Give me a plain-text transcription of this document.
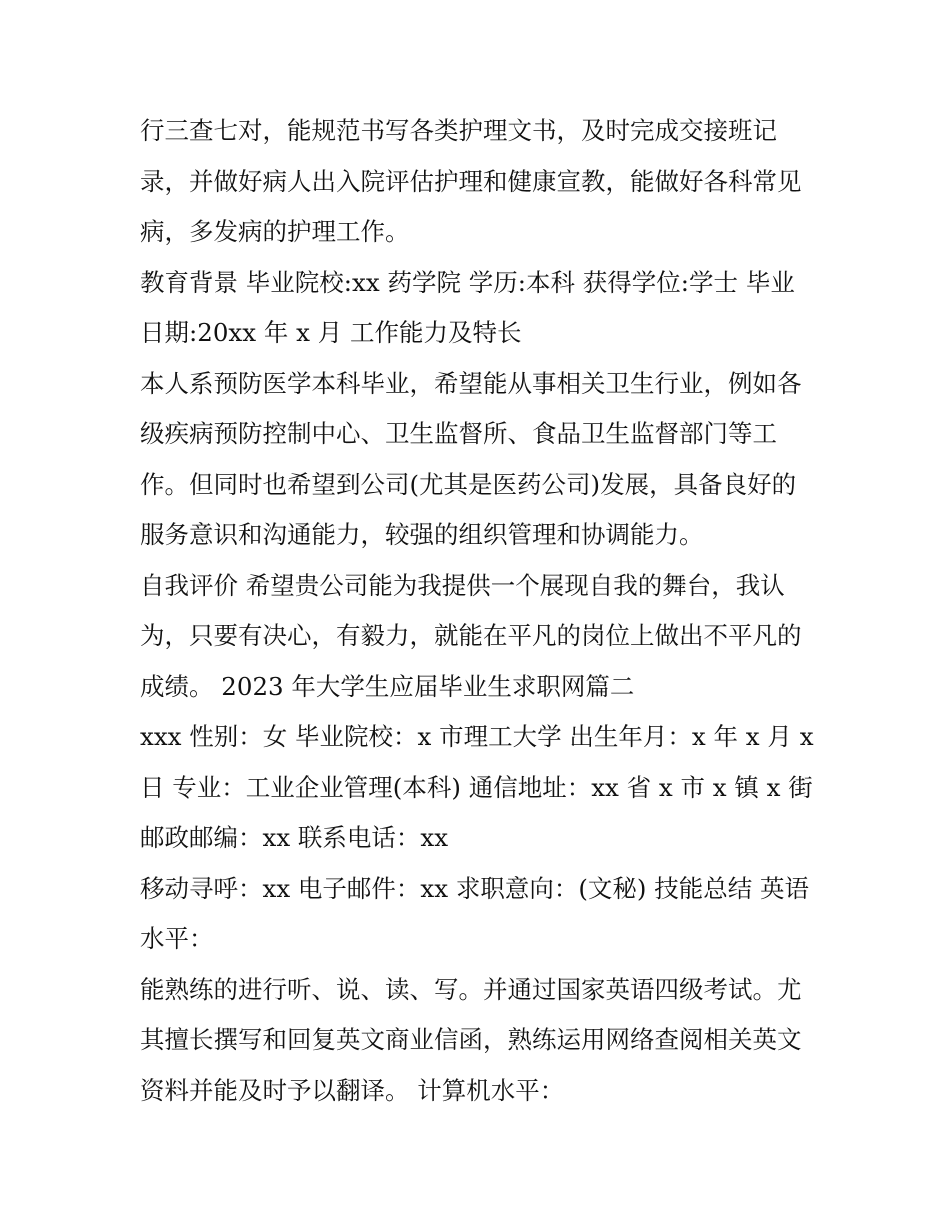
行三查七对，能规范书写各类护理文书，及时完成交接班记
录，并做好病人出入院评估护理和健康宣教，能做好各科常见
病，多发病的护理工作。
教育背景 毕业院校:xx 药学院 学历:本科 获得学位:学士 毕业
日期:20xx 年 x 月 工作能力及特长
本人系预防医学本科毕业，希望能从事相关卫生行业，例如各
级疾病预防控制中心、卫生监督所、食品卫生监督部门等工
作。但同时也希望到公司(尤其是医药公司)发展，具备良好的
服务意识和沟通能力，较强的组织管理和协调能力。
自我评价 希望贵公司能为我提供一个展现自我的舞台，我认
为，只要有决心，有毅力，就能在平凡的岗位上做出不平凡的
成绩。 2023 年大学生应届毕业生求职网篇二
xxx 性别：女 毕业院校：x 市理工大学 出生年月：x 年 x 月 x
日 专业：工业企业管理(本科) 通信地址：xx 省 x 市 x 镇 x 街
邮政邮编：xx 联系电话：xx
移动寻呼：xx 电子邮件：xx 求职意向：(文秘) 技能总结 英语
水平：
能熟练的进行听、说、读、写。并通过国家英语四级考试。尤
其擅长撰写和回复英文商业信函，熟练运用网络查阅相关英文
资料并能及时予以翻译。 计算机水平：
